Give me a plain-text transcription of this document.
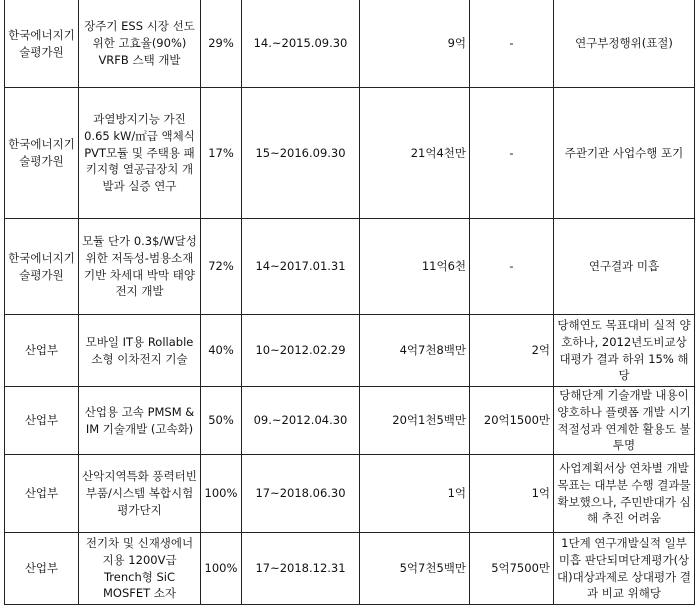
한국에너지기술평가원	장주기 ESS 시장 선도 위한 고효율(90%) VRFB 스택 개발	29%	14.~2015.09.30	9억	-	연구부정행위(표절)
한국에너지기술평가원	과열방지기능 가진 0.65 kW/㎡급 액체식 PVT모듈 및 주택용 패키지형 열공급장치 개발과 실증 연구	17%	15~2016.09.30	21억4천만	-	주관기관 사업수행 포기
한국에너지기술평가원	모듈 단가 0.3$/W달성 위한 저독성-범용소재 기반 차세대 박막 태양전지 개발	72%	14~2017.01.31	11억6천	-	연구결과 미흡
산업부	모바일 IT용 Rollable 소형 이차전지 기술	40%	10~2012.02.29	4억7천8백만	2억	당해연도 목표대비 실적 양호하나, 2012년도비교상대평가 결과 하위 15% 해당
산업부	산업용 고속 PMSM & IM 기술개발 (고속화)	50%	09.~2012.04.30	20억1천5백만	20억1500만	당해단계 기술개발 내용이 양호하나 플랫폼 개발 시기 적절성과 연계한 활용도 불투명
산업부	산악지역특화 풍력터빈 부품/시스템 복합시험평가단지	100%	17~2018.06.30	1억	1억	사업계획서상 연차별 개발목표는 대부분 수행 결과물 확보했으나, 주민반대가 심해 추진 어려움
산업부	전기차 및 신재생에너지용 1200V급 Trench형 SiC MOSFET 소자	100%	17~2018.12.31	5억7천5백만	5억7500만	1단계 연구개발실적 일부 미흡 판단되며단계평가(상대)대상과제로 상대평가 결과 비교 위해당
